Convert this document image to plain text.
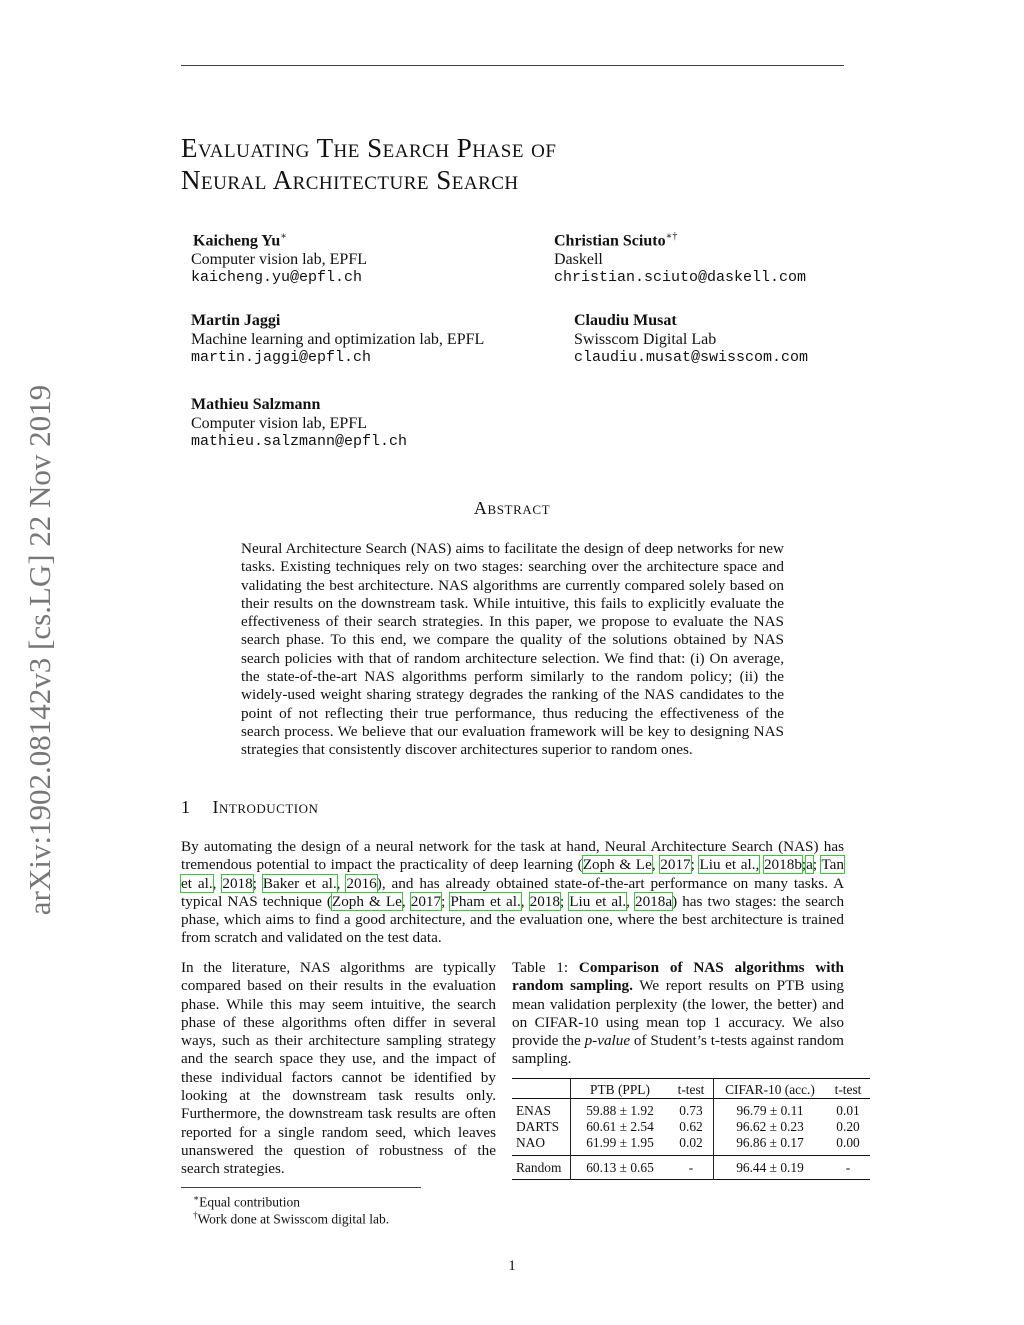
arXiv:1902.08142v3 [cs.LG] 22 Nov 2019
Evaluating The Search Phase of
Neural Architecture Search
Kaicheng Yu∗
Computer vision lab, EPFL
kaicheng.yu@epfl.ch
Christian Sciuto∗†
Daskell
christian.sciuto@daskell.com
Martin Jaggi
Machine learning and optimization lab, EPFL
martin.jaggi@epfl.ch
Claudiu Musat
Swisscom Digital Lab
claudiu.musat@swisscom.com
Mathieu Salzmann
Computer vision lab, EPFL
mathieu.salzmann@epfl.ch
Abstract
Neural Architecture Search (NAS) aims to facilitate the design of deep networks for new tasks. Existing techniques rely on two stages: searching over the architecture space and validating the best architecture. NAS algorithms are currently compared solely based on their results on the downstream task. While intuitive, this fails to explicitly evaluate the effectiveness of their search strategies. In this paper, we propose to evaluate the NAS search phase. To this end, we compare the quality of the solutions obtained by NAS search policies with that of random architecture selection. We find that: (i) On average, the state-of-the-art NAS algorithms perform similarly to the random policy; (ii) the widely-used weight sharing strategy degrades the ranking of the NAS candidates to the point of not reflecting their true performance, thus reducing the effectiveness of the search process. We believe that our evaluation framework will be key to designing NAS strategies that consistently discover architectures superior to random ones.
1 Introduction
By automating the design of a neural network for the task at hand, Neural Architecture Search (NAS) has tremendous potential to impact the practicality of deep learning (Zoph & Le, 2017; Liu et al., 2018b;a; Tan et al., 2018; Baker et al., 2016), and has already obtained state-of-the-art performance on many tasks. A typical NAS technique (Zoph & Le, 2017; Pham et al., 2018; Liu et al., 2018a) has two stages: the search phase, which aims to find a good architecture, and the evaluation one, where the best architecture is trained from scratch and validated on the test data.
In the literature, NAS algorithms are typically compared based on their results in the evaluation phase. While this may seem intuitive, the search phase of these algorithms often differ in several ways, such as their architecture sampling strategy and the search space they use, and the impact of these individual factors cannot be identified by looking at the downstream task results only. Furthermore, the downstream task results are often reported for a single random seed, which leaves unanswered the question of robustness of the search strategies.
Table 1: Comparison of NAS algorithms with random sampling. We report results on PTB using mean validation perplexity (the lower, the better) and on CIFAR-10 using mean top 1 accuracy. We also provide the p-value of Student’s t-tests against random sampling.
	PTB (PPL)	t-test	CIFAR-10 (acc.)	t-test
ENAS	59.88 ± 1.92	0.73	96.79 ± 0.11	0.01
DARTS	60.61 ± 2.54	0.62	96.62 ± 0.23	0.20
NAO	61.99 ± 1.95	0.02	96.86 ± 0.17	0.00
Random	60.13 ± 0.65	-	96.44 ± 0.19	-
∗Equal contribution
†Work done at Swisscom digital lab.
1
